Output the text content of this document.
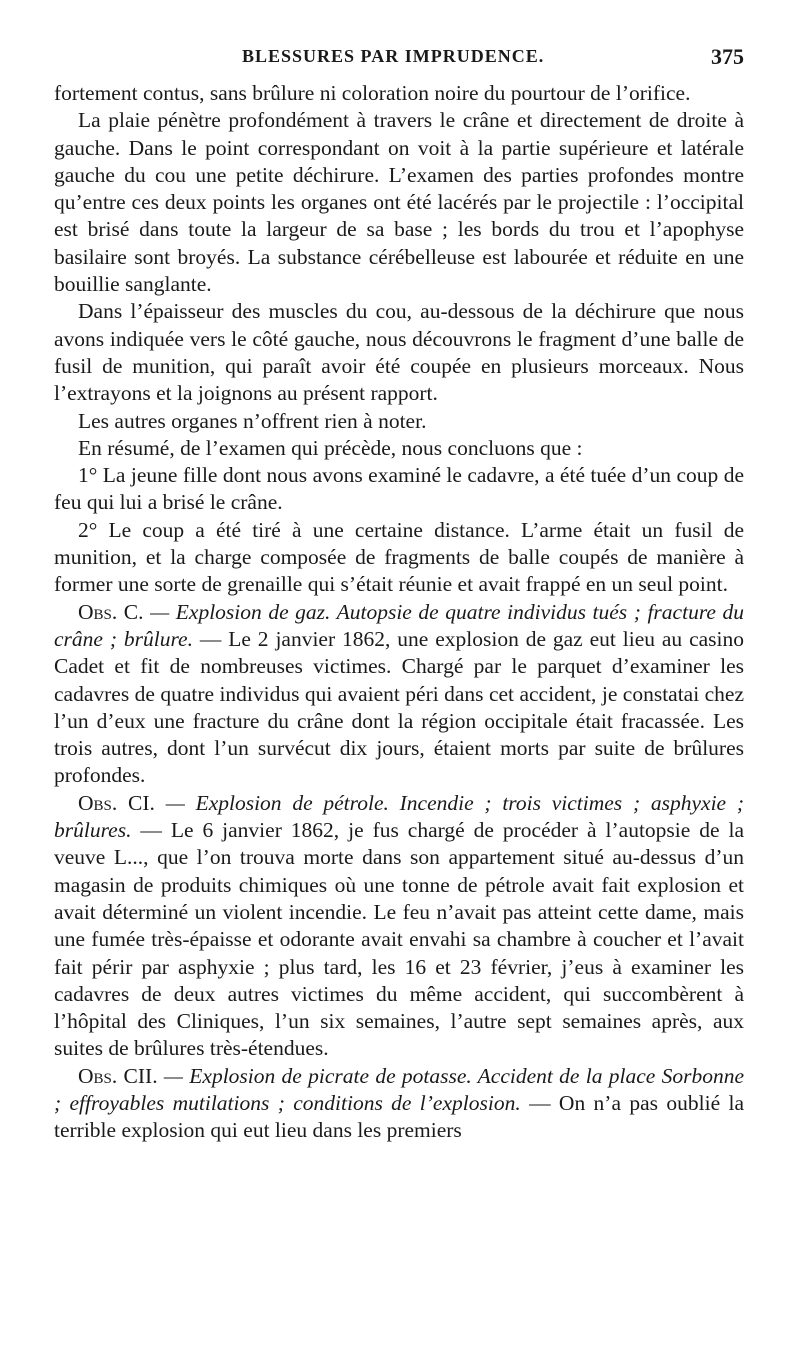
BLESSURES PAR IMPRUDENCE.	375

fortement contus, sans brûlure ni coloration noire du pourtour de l’orifice.

La plaie pénètre profondément à travers le crâne et directement de droite à gauche. Dans le point correspondant on voit à la partie supérieure et latérale gauche du cou une petite déchirure. L’examen des parties profondes montre qu’entre ces deux points les organes ont été lacérés par le projectile : l’occipital est brisé dans toute la largeur de sa base ; les bords du trou et l’apophyse basilaire sont broyés. La substance cérébelleuse est labourée et réduite en une bouillie sanglante.

Dans l’épaisseur des muscles du cou, au-dessous de la déchirure que nous avons indiquée vers le côté gauche, nous découvrons le fragment d’une balle de fusil de munition, qui paraît avoir été coupée en plusieurs morceaux. Nous l’extrayons et la joignons au présent rapport.

Les autres organes n’offrent rien à noter.

En résumé, de l’examen qui précède, nous concluons que :

1° La jeune fille dont nous avons examiné le cadavre, a été tuée d’un coup de feu qui lui a brisé le crâne.

2° Le coup a été tiré à une certaine distance. L’arme était un fusil de munition, et la charge composée de fragments de balle coupés de manière à former une sorte de grenaille qui s’était réunie et avait frappé en un seul point.

Obs. C. — Explosion de gaz. Autopsie de quatre individus tués ; fracture du crâne ; brûlure. — Le 2 janvier 1862, une explosion de gaz eut lieu au casino Cadet et fit de nombreuses victimes. Chargé par le parquet d’examiner les cadavres de quatre individus qui avaient péri dans cet accident, je constatai chez l’un d’eux une fracture du crâne dont la région occipitale était fracassée. Les trois autres, dont l’un survécut dix jours, étaient morts par suite de brûlures profondes.

Obs. CI. — Explosion de pétrole. Incendie ; trois victimes ; asphyxie ; brûlures. — Le 6 janvier 1862, je fus chargé de procéder à l’autopsie de la veuve L..., que l’on trouva morte dans son appartement situé au-dessus d’un magasin de produits chimiques où une tonne de pétrole avait fait explosion et avait déterminé un violent incendie. Le feu n’avait pas atteint cette dame, mais une fumée très-épaisse et odorante avait envahi sa chambre à coucher et l’avait fait périr par asphyxie ; plus tard, les 16 et 23 février, j’eus à examiner les cadavres de deux autres victimes du même accident, qui succombèrent à l’hôpital des Cliniques, l’un six semaines, l’autre sept semaines après, aux suites de brûlures très-étendues.

Obs. CII. — Explosion de picrate de potasse. Accident de la place Sorbonne ; effroyables mutilations ; conditions de l’explosion. — On n’a pas oublié la terrible explosion qui eut lieu dans les premiers
